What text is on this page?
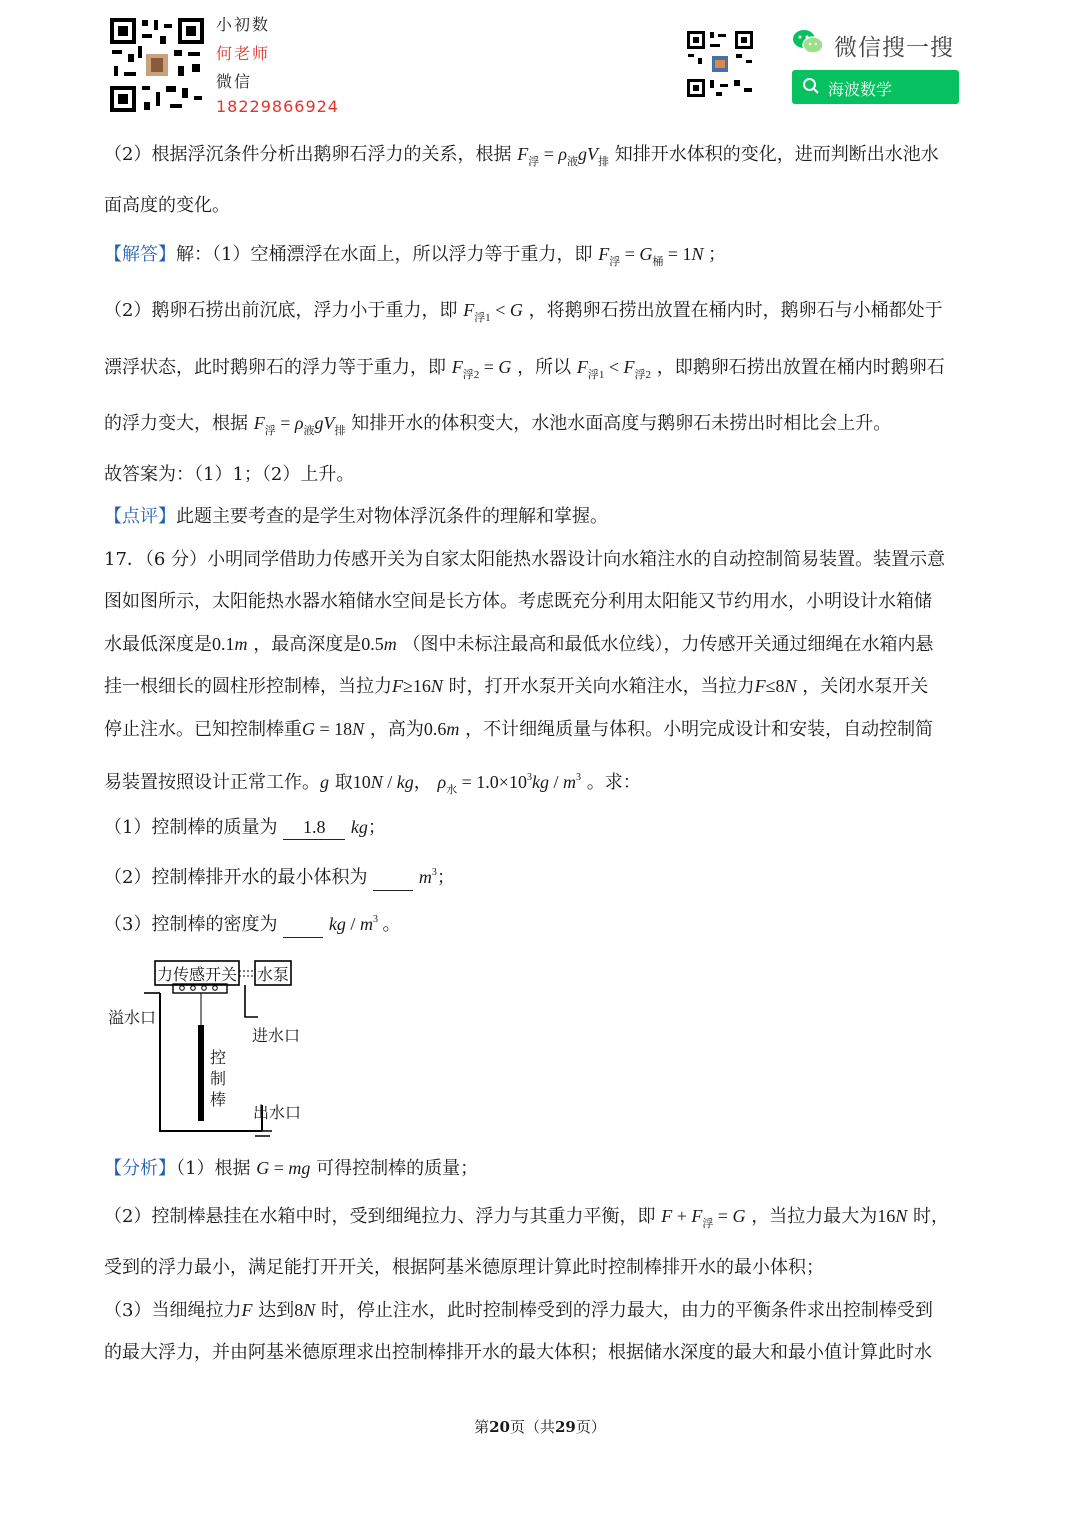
小初数
何老师
微信
18229866924
微信搜一搜
海波数学
（2）根据浮沉条件分析出鹅卵石浮力的关系，根据 $F_浮 = \rho_液gV_排$ 知排开水体积的变化，进而判断出水池水
面高度的变化。
【解答】解：（1）空桶漂浮在水面上，所以浮力等于重力，即 $F_浮 = G_桶 = 1N$ ；
（2）鹅卵石捞出前沉底，浮力小于重力，即 $F_{浮1} < G$ ，将鹅卵石捞出放置在桶内时，鹅卵石与小桶都处于
漂浮状态，此时鹅卵石的浮力等于重力，即 $F_{浮2} = G$ ，所以 $F_{浮1} < F_{浮2}$ ，即鹅卵石捞出放置在桶内时鹅卵石
的浮力变大，根据 $F_浮 = \rho_液gV_排$ 知排开水的体积变大，水池水面高度与鹅卵石未捞出时相比会上升。
故答案为：（1）1；（2）上升。
【点评】此题主要考查的是学生对物体浮沉条件的理解和掌握。
17．（6 分）小明同学借助力传感开关为自家太阳能热水器设计向水箱注水的自动控制简易装置。装置示意
图如图所示，太阳能热水器水箱储水空间是长方体。考虑既充分利用太阳能又节约用水，小明设计水箱储
水最低深度是0.1m ，最高深度是0.5m （图中未标注最高和最低水位线），力传感开关通过细绳在水箱内悬
挂一根细长的圆柱形控制棒，当拉力F≥16N 时，打开水泵开关向水箱注水，当拉力F≤8N ，关闭水泵开关
停止注水。已知控制棒重G = 18N ，高为0.6m ，不计细绳质量与体积。小明完成设计和安装，自动控制简
易装置按照设计正常工作。g 取10N / kg， $\rho_水 = 1.0\times 10^3kg / m^3$ 。求：
（1）控制棒的质量为 1.8 kg；
（2）控制棒排开水的最小体积为	$m^3$；
（3）控制棒的密度为	kg / $m^3$ 。
力传感开关 水泵
溢水口
进水口
控
制
棒
出水口
【分析】（1）根据 G = mg 可得控制棒的质量；
（2）控制棒悬挂在水箱中时，受到细绳拉力、浮力与其重力平衡，即 $F + F_浮 = G$ ，当拉力最大为16N 时，
受到的浮力最小，满足能打开开关，根据阿基米德原理计算此时控制棒排开水的最小体积；
（3）当细绳拉力F 达到8N 时，停止注水，此时控制棒受到的浮力最大，由力的平衡条件求出控制棒受到
的最大浮力，并由阿基米德原理求出控制棒排开水的最大体积；根据储水深度的最大和最小值计算此时水
第20页（共29页）
